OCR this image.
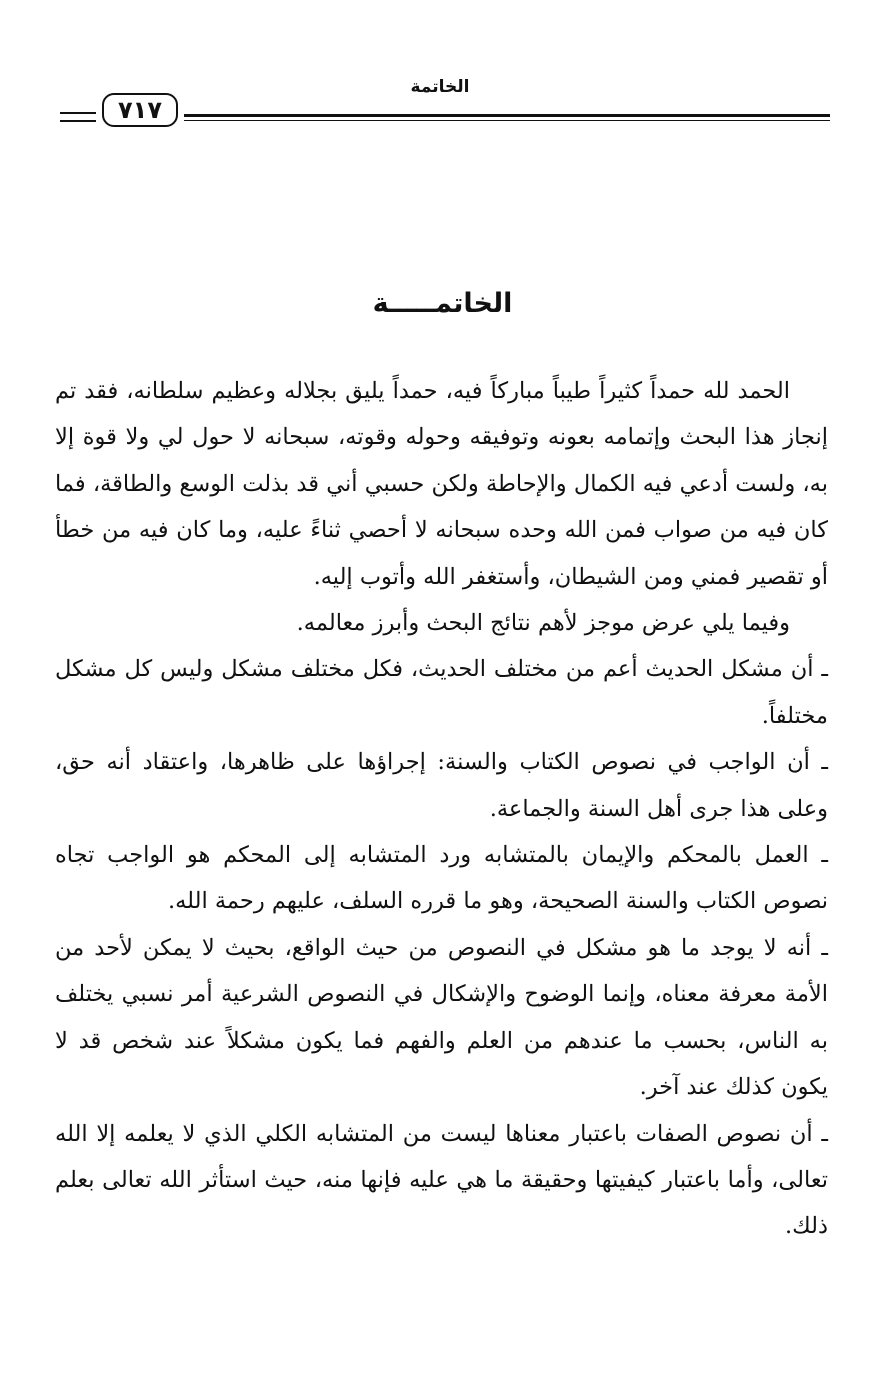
الخاتمة
٧١٧
الخاتمـــــة

الحمد لله حمداً كثيراً طيباً مباركاً فيه، حمداً يليق بجلاله وعظيم سلطانه، فقد تم إنجاز هذا البحث وإتمامه بعونه وتوفيقه وحوله وقوته، سبحانه لا حول لي ولا قوة إلا به، ولست أدعي فيه الكمال والإحاطة ولكن حسبي أني قد بذلت الوسع والطاقة، فما كان فيه من صواب فمن الله وحده سبحانه لا أحصي ثناءً عليه، وما كان فيه من خطأ أو تقصير فمني ومن الشيطان، وأستغفر الله وأتوب إليه.

وفيما يلي عرض موجز لأهم نتائج البحث وأبرز معالمه.

ـ أن مشكل الحديث أعم من مختلف الحديث، فكل مختلف مشكل وليس كل مشكل مختلفاً.

ـ أن الواجب في نصوص الكتاب والسنة: إجراؤها على ظاهرها، واعتقاد أنه حق، وعلى هذا جرى أهل السنة والجماعة.

ـ العمل بالمحكم والإيمان بالمتشابه ورد المتشابه إلى المحكم هو الواجب تجاه نصوص الكتاب والسنة الصحيحة، وهو ما قرره السلف، عليهم رحمة الله.

ـ أنه لا يوجد ما هو مشكل في النصوص من حيث الواقع، بحيث لا يمكن لأحد من الأمة معرفة معناه، وإنما الوضوح والإشكال في النصوص الشرعية أمر نسبي يختلف به الناس، بحسب ما عندهم من العلم والفهم فما يكون مشكلاً عند شخص قد لا يكون كذلك عند آخر.

ـ أن نصوص الصفات باعتبار معناها ليست من المتشابه الكلي الذي لا يعلمه إلا الله تعالى، وأما باعتبار كيفيتها وحقيقة ما هي عليه فإنها منه، حيث استأثر الله تعالى بعلم ذلك.
